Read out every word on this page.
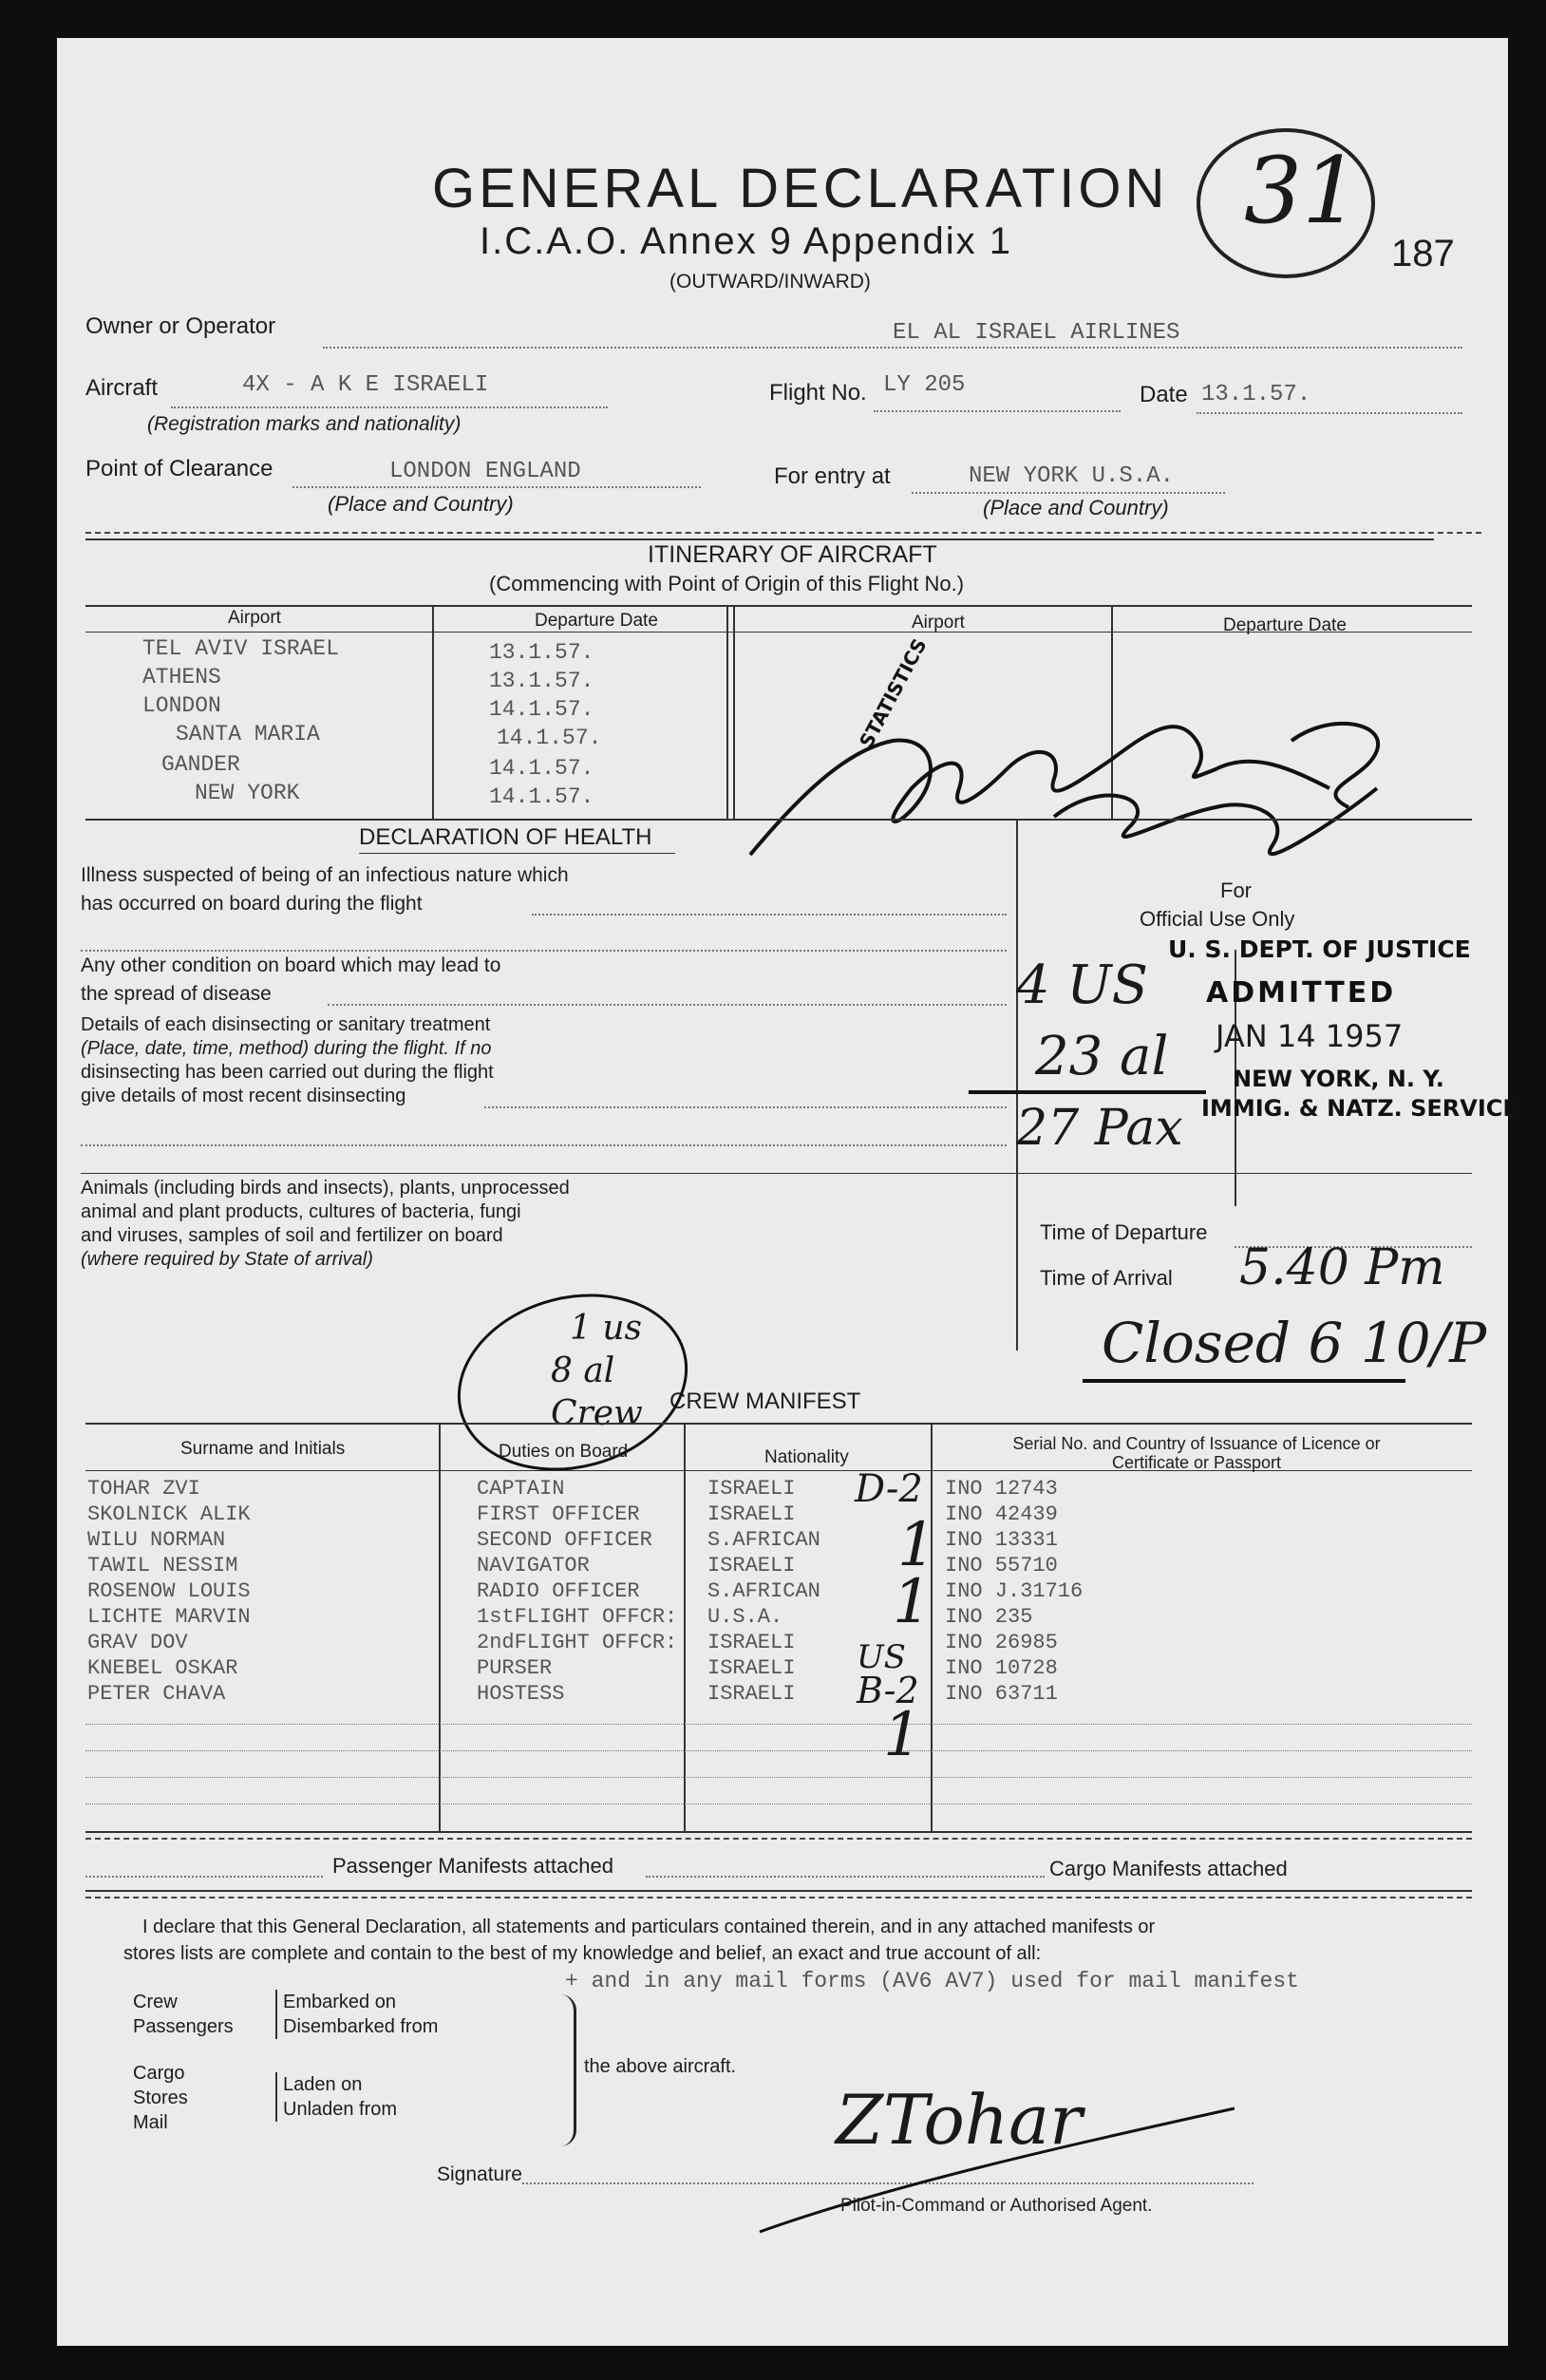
GENERAL DECLARATION
I.C.A.O. Annex 9 Appendix 1
(OUTWARD/INWARD)
31
187
Owner or Operator	EL AL ISRAEL AIRLINES
Aircraft	4X - A K E ISRAELI
(Registration marks and nationality)
Flight No. LY 205	Date 13.1.57.
Point of Clearance	LONDON ENGLAND
(Place and Country)
For entry at	NEW YORK U.S.A.
(Place and Country)
ITINERARY OF AIRCRAFT
(Commencing with Point of Origin of this Flight No.)
Airport	Departure Date	Airport	Departure Date
TEL AVIV ISRAEL	13.1.57.
ATHENS	13.1.57.
LONDON	14.1.57.
SANTA MARIA	14.1.57.
GANDER	14.1.57.
NEW YORK	14.1.57.
STATISTICS
DECLARATION OF HEALTH
Illness suspected of being of an infectious nature which
has occurred on board during the flight
Any other condition on board which may lead to
the spread of disease
Details of each disinsecting or sanitary treatment
(Place, date, time, method) during the flight. If no
disinsecting has been carried out during the flight
give details of most recent disinsecting
Animals (including birds and insects), plants, unprocessed
animal and plant products, cultures of bacteria, fungi
and viruses, samples of soil and fertilizer on board
(where required by State of arrival)
For
Official Use Only
U. S. DEPT. OF JUSTICE
ADMITTED
JAN 14 1957
NEW YORK, N. Y.
IMMIG. & NATZ. SERVICE
4 US
23 al
27 Pax
Time of Departure
Time of Arrival 5.40 Pm
Closed 6 10/P
CREW MANIFEST
1 us
8 al
Crew
Surname and Initials	Duties on Board	Nationality
Serial No. and Country of Issuance of Licence or Certificate or Passport
TOHAR ZVI	CAPTAIN	ISRAELI	INO 12743
SKOLNICK ALIK	FIRST OFFICER	ISRAELI	INO 42439
WILU NORMAN	SECOND OFFICER	S.AFRICAN	INO 13331
TAWIL NESSIM	NAVIGATOR	ISRAELI	INO 55710
ROSENOW LOUIS	RADIO OFFICER	S.AFRICAN	INO J.31716
LICHTE MARVIN	1stFLIGHT OFFCR: U.S.A.	INO 235
GRAV DOV	2ndFLIGHT OFFCR: ISRAELI	INO 26985
KNEBEL OSKAR	PURSER	ISRAELI	INO 10728
PETER CHAVA	HOSTESS	ISRAELI	INO 63711
D-2
1
1
US
B-2
1
Passenger Manifests attached	Cargo Manifests attached
I declare that this General Declaration, all statements and particulars contained therein, and in any attached manifests or
stores lists are complete and contain to the best of my knowledge and belief, an exact and true account of all:
+ and in any mail forms (AV6 AV7) used for mail manifest
Crew
Passengers
Embarked on
Disembarked from
Cargo
Stores
Mail
Laden on
Unladen from
the above aircraft.
Signature
ZTohar
Pilot-in-Command or Authorised Agent.
